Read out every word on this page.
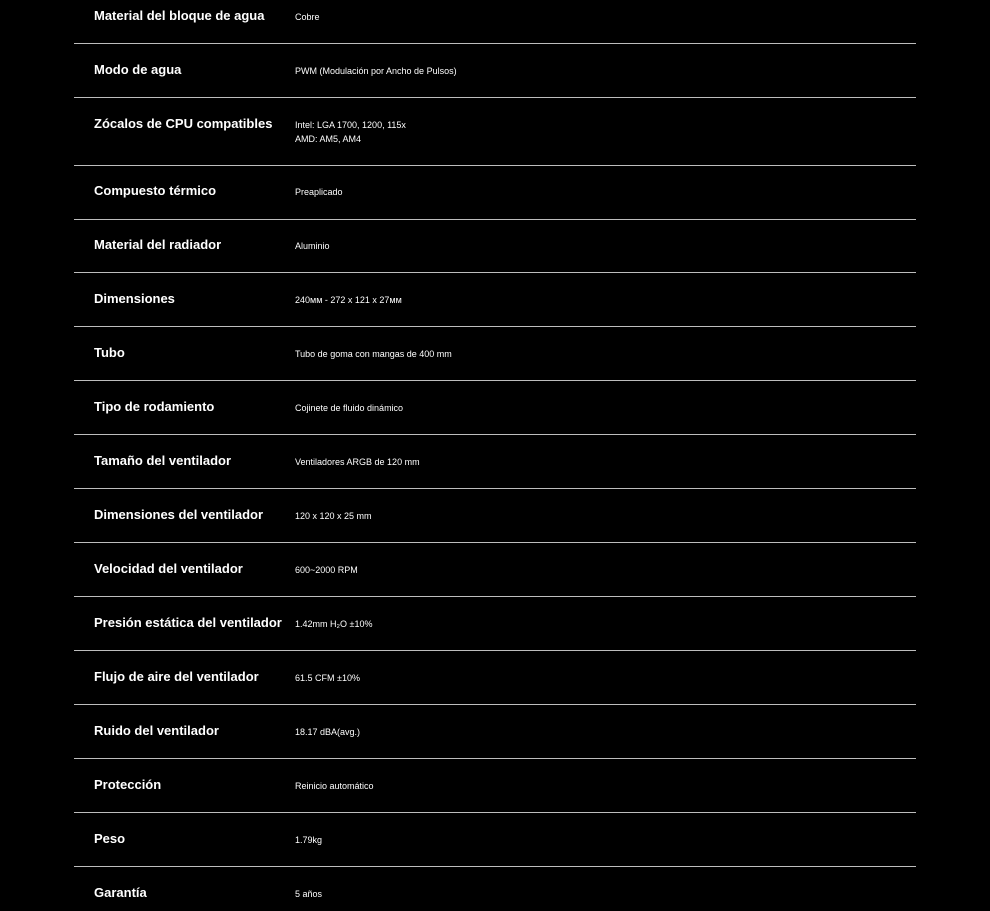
Material del bloque de agua	Cobre
Modo de agua	PWM (Modulación por Ancho de Pulsos)
Zócalos de CPU compatibles	Intel: LGA 1700, 1200, 115x
AMD: AM5, AM4
Compuesto térmico	Preaplicado
Material del radiador	Aluminio
Dimensiones	240ᴍᴍ - 272 x 121 x 27ᴍᴍ
Tubo	Tubo de goma con mangas de 400 mm
Tipo de rodamiento	Cojinete de fluido dinámico
Tamaño del ventilador	Ventiladores ARGB de 120 mm
Dimensiones del ventilador	120 x 120 x 25 mm
Velocidad del ventilador	600~2000 RPM
Presión estática del ventilador 1.42mm H₂O ±10%
Flujo de aire del ventilador	61.5 CFM ±10%
Ruido del ventilador	18.17 dBA(avg.)
Protección	Reinicio automático
Peso	1.79kg
Garantía	5 años
